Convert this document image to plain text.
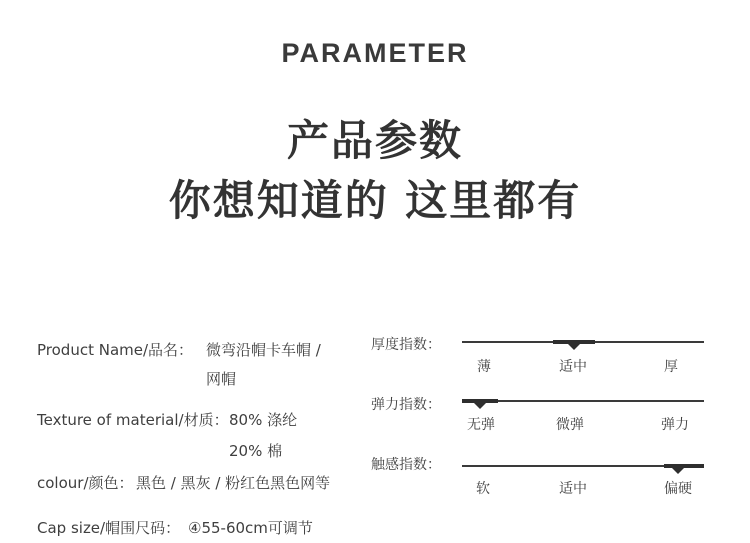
PARAMETER
产品参数
你想知道的 这里都有
Product Name/品名： 微弯沿帽卡车帽 /
网帽
Texture of material/材质： 80% 涤纶
20% 棉
colour/颜色： 黑色 / 黑灰 / 粉红色黑色网等
Cap size/帽围尺码： ④55-60cm可调节
厚度指数：
薄	适中	厚
弹力指数：
无弹	微弹	弹力
触感指数：
软	适中	偏硬
